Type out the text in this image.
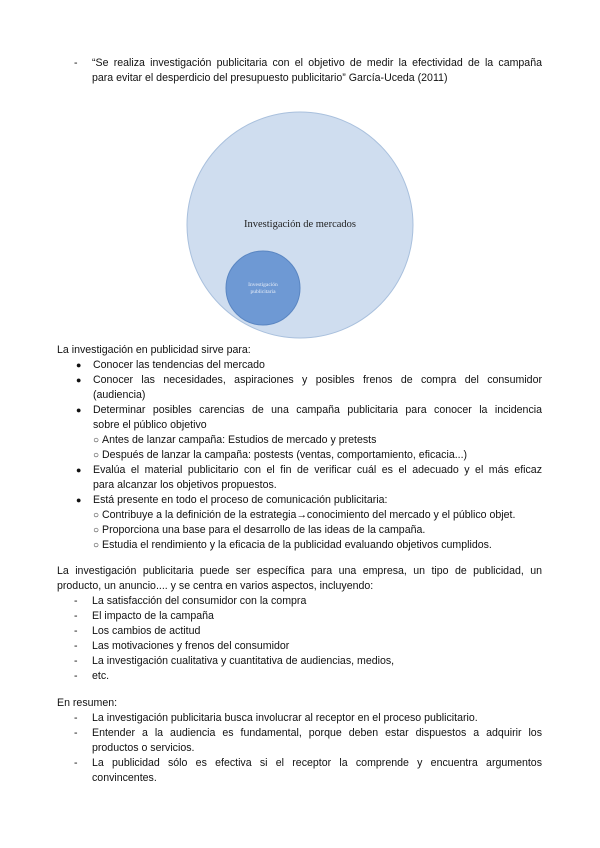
- “Se realiza investigación publicitaria con el objetivo de medir la efectividad de la campaña
para evitar el desperdicio del presupuesto publicitario” García-Uceda (2011)
Investigación de mercados
Investigación
publicitaria
La investigación en publicidad sirve para:
● Conocer las tendencias del mercado
● Conocer las necesidades, aspiraciones y posibles frenos de compra del consumidor
(audiencia)
● Determinar posibles carencias de una campaña publicitaria para conocer la incidencia
sobre el público objetivo
○ Antes de lanzar campaña: Estudios de mercado y pretests
○ Después de lanzar la campaña: postests (ventas, comportamiento, eficacia...)
● Evalúa el material publicitario con el fin de verificar cuál es el adecuado y el más eficaz
para alcanzar los objetivos propuestos.
● Está presente en todo el proceso de comunicación publicitaria:
○ Contribuye a la definición de la estrategia→conocimiento del mercado y el público objet.
○ Proporciona una base para el desarrollo de las ideas de la campaña.
○ Estudia el rendimiento y la eficacia de la publicidad evaluando objetivos cumplidos.
La investigación publicitaria puede ser específica para una empresa, un tipo de publicidad, un
producto, un anuncio.... y se centra en varios aspectos, incluyendo:
- La satisfacción del consumidor con la compra
- El impacto de la campaña
- Los cambios de actitud
- Las motivaciones y frenos del consumidor
- La investigación cualitativa y cuantitativa de audiencias, medios,
- etc.
En resumen:
- La investigación publicitaria busca involucrar al receptor en el proceso publicitario.
- Entender a la audiencia es fundamental, porque deben estar dispuestos a adquirir los
productos o servicios.
- La publicidad sólo es efectiva si el receptor la comprende y encuentra argumentos
convincentes.
